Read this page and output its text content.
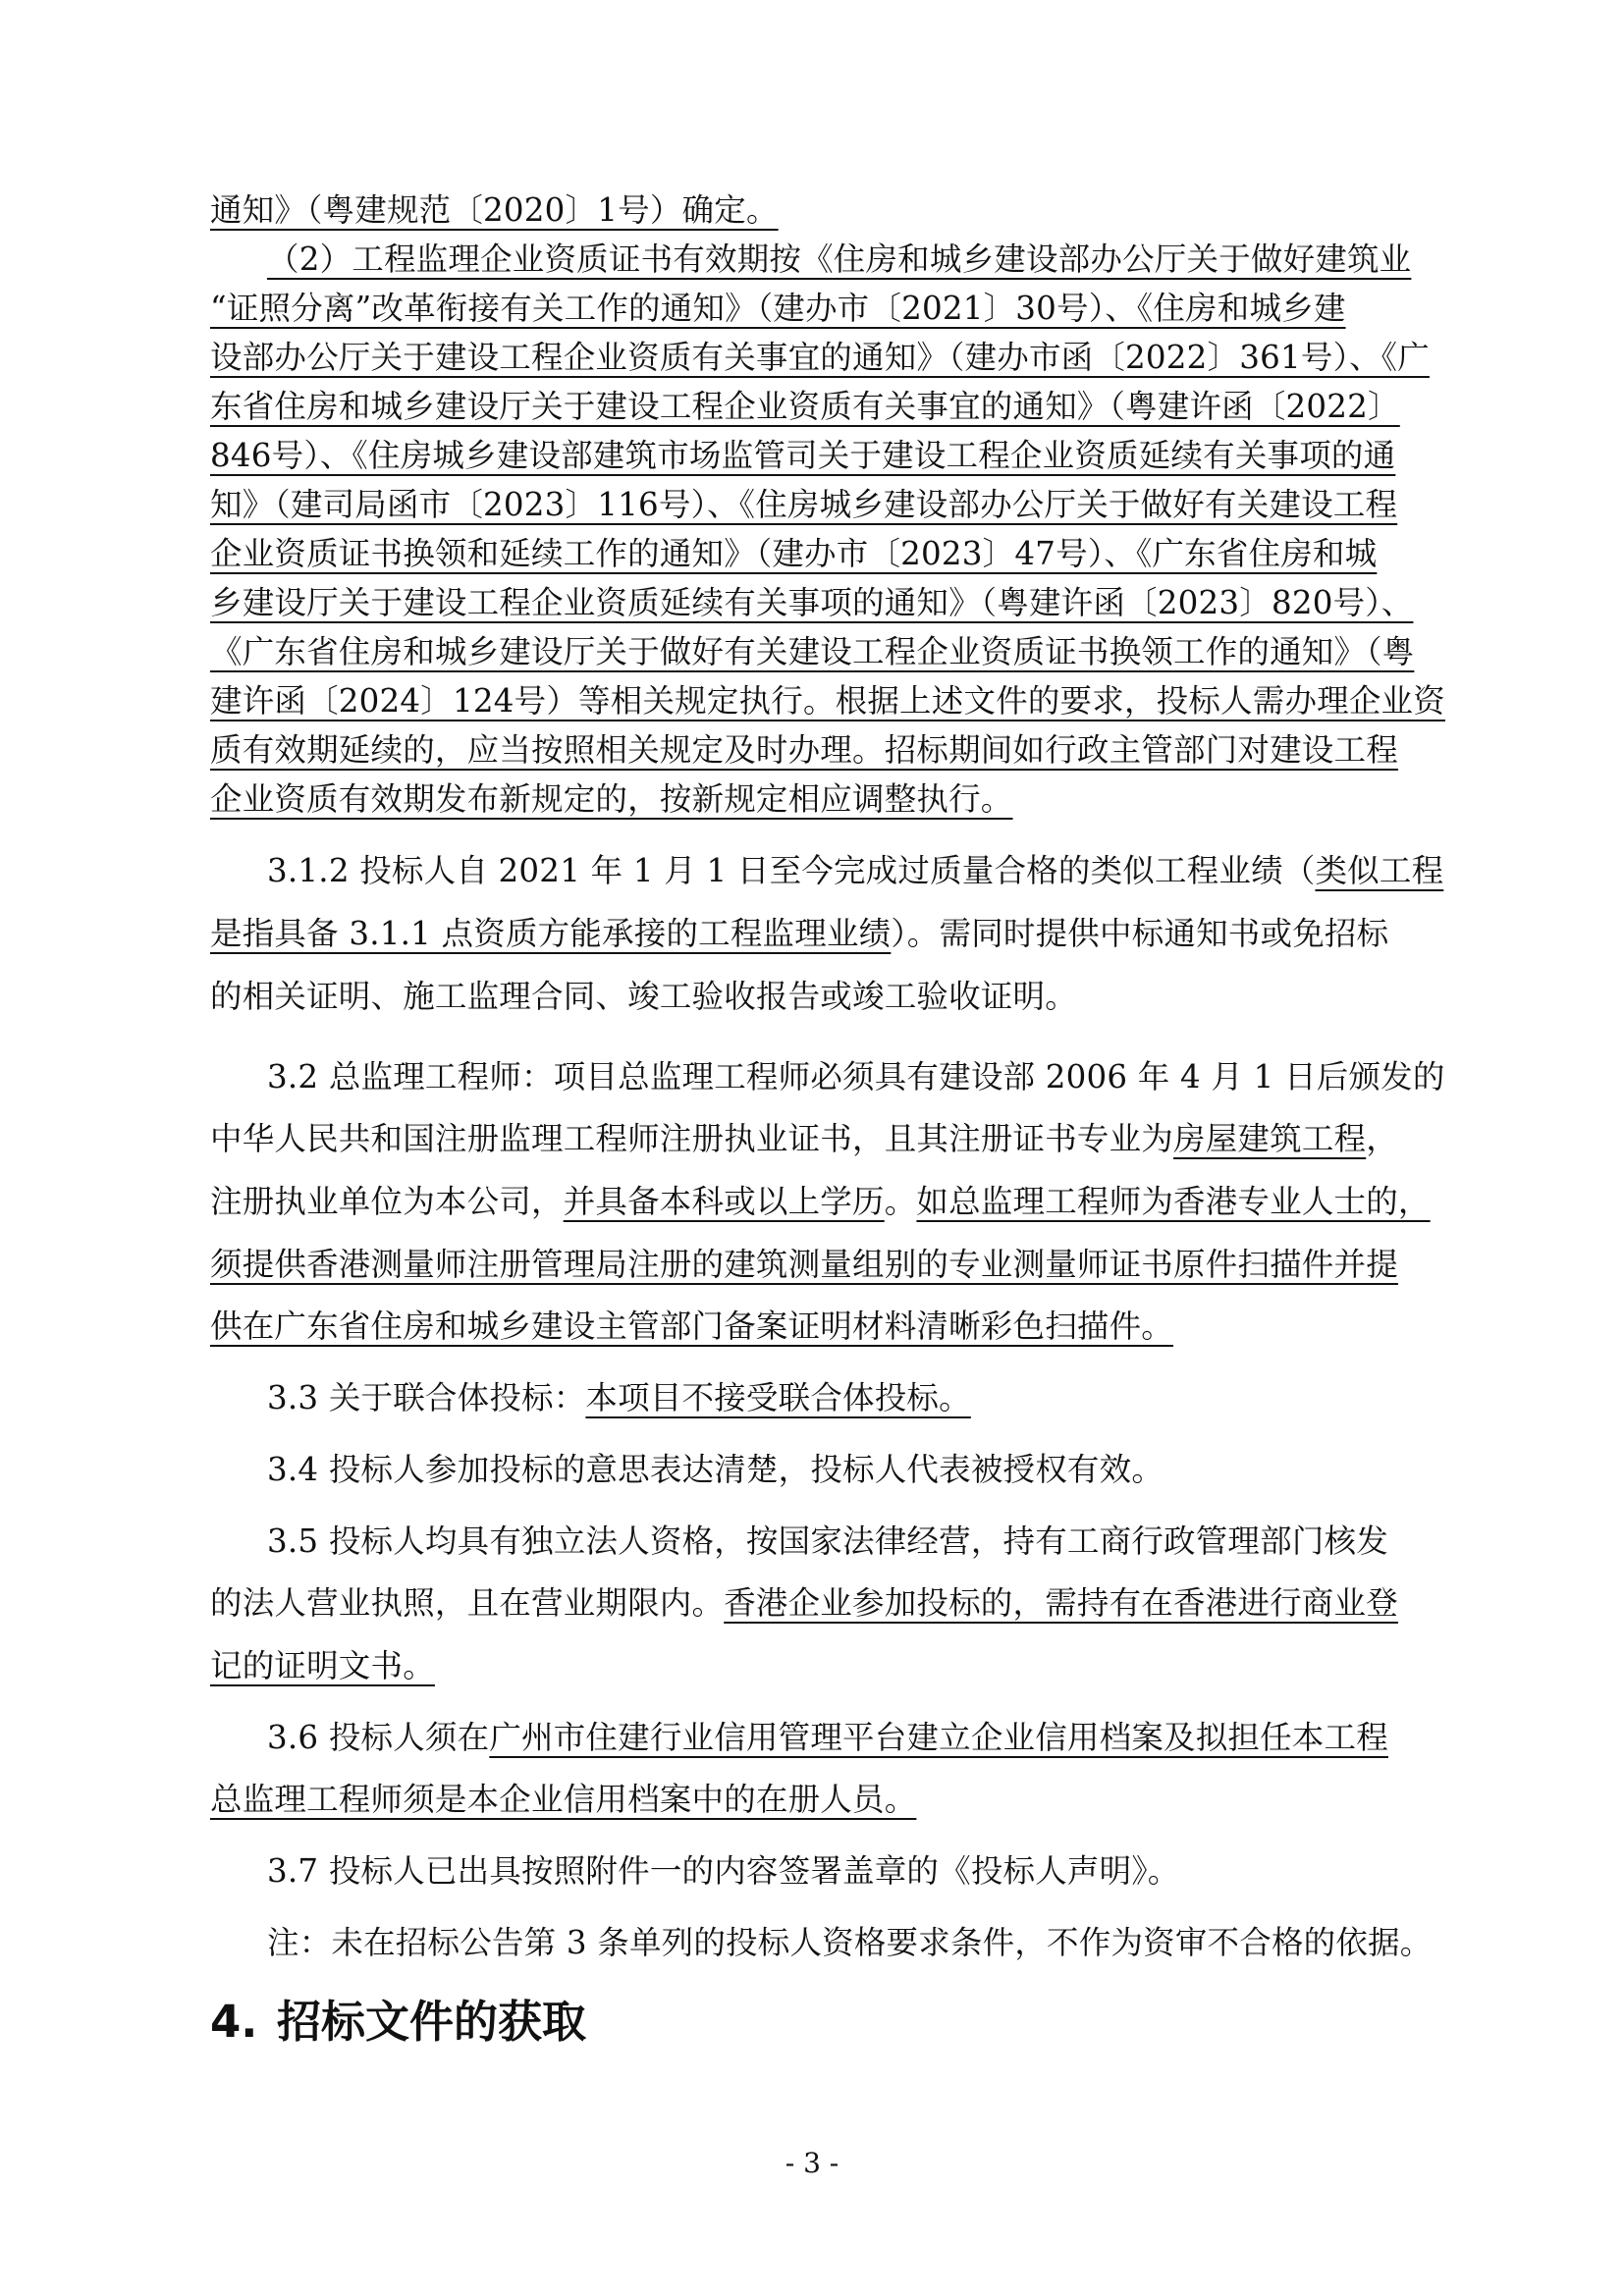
通知》（粤建规范〔2020〕1号）确定。
（2）工程监理企业资质证书有效期按《住房和城乡建设部办公厅关于做好建筑业
“证照分离”改革衔接有关工作的通知》（建办市〔2021〕30号）、《住房和城乡建
设部办公厅关于建设工程企业资质有关事宜的通知》（建办市函〔2022〕361号）、《广
东省住房和城乡建设厅关于建设工程企业资质有关事宜的通知》（粤建许函〔2022〕
846号）、《住房城乡建设部建筑市场监管司关于建设工程企业资质延续有关事项的通
知》（建司局函市〔2023〕116号）、《住房城乡建设部办公厅关于做好有关建设工程
企业资质证书换领和延续工作的通知》（建办市〔2023〕47号）、《广东省住房和城
乡建设厅关于建设工程企业资质延续有关事项的通知》（粤建许函〔2023〕820号）、
《广东省住房和城乡建设厅关于做好有关建设工程企业资质证书换领工作的通知》（粤
建许函〔2024〕124号）等相关规定执行。根据上述文件的要求，投标人需办理企业资
质有效期延续的，应当按照相关规定及时办理。招标期间如行政主管部门对建设工程
企业资质有效期发布新规定的，按新规定相应调整执行。
3.1.2 投标人自 2021 年 1 月 1 日至今完成过质量合格的类似工程业绩（类似工程
是指具备 3.1.1 点资质方能承接的工程监理业绩）。需同时提供中标通知书或免招标
的相关证明、施工监理合同、竣工验收报告或竣工验收证明。
3.2 总监理工程师：项目总监理工程师必须具有建设部 2006 年 4 月 1 日后颁发的
中华人民共和国注册监理工程师注册执业证书，且其注册证书专业为房屋建筑工程，
注册执业单位为本公司，并具备本科或以上学历。如总监理工程师为香港专业人士的，
须提供香港测量师注册管理局注册的建筑测量组别的专业测量师证书原件扫描件并提
供在广东省住房和城乡建设主管部门备案证明材料清晰彩色扫描件。
3.3 关于联合体投标：本项目不接受联合体投标。
3.4 投标人参加投标的意思表达清楚，投标人代表被授权有效。
3.5 投标人均具有独立法人资格，按国家法律经营，持有工商行政管理部门核发
的法人营业执照，且在营业期限内。香港企业参加投标的，需持有在香港进行商业登
记的证明文书。
3.6 投标人须在广州市住建行业信用管理平台建立企业信用档案及拟担任本工程
总监理工程师须是本企业信用档案中的在册人员。
3.7 投标人已出具按照附件一的内容签署盖章的《投标人声明》。
注：未在招标公告第 3 条单列的投标人资格要求条件，不作为资审不合格的依据。
4. 招标文件的获取
- 3 -
